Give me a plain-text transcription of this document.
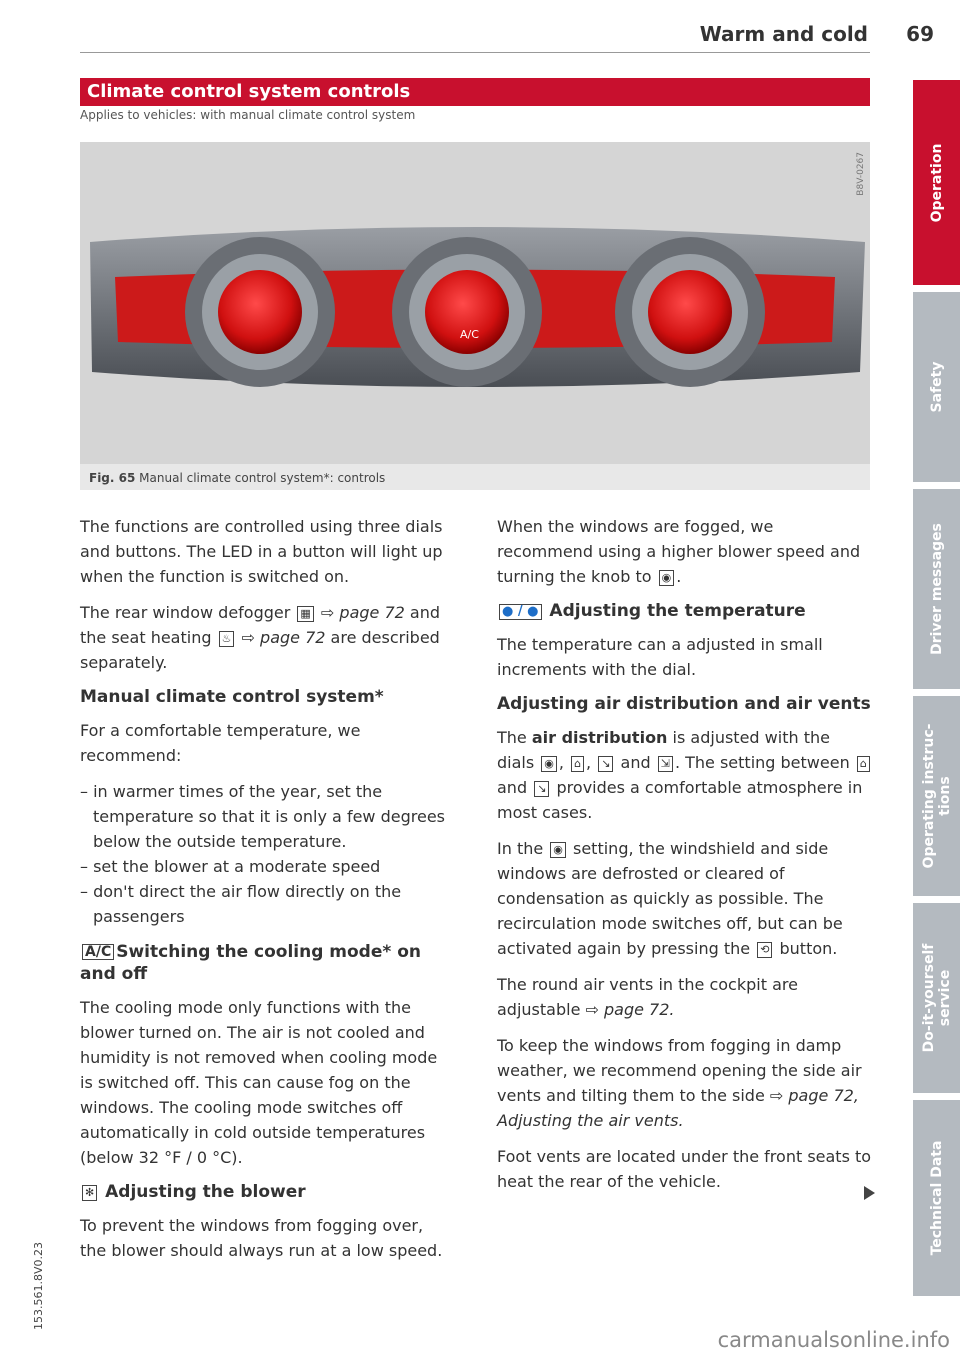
Warm and cold 69
Climate control system controls
Applies to vehicles: with manual climate control system
A/C
B8V-0267
Fig. 65 Manual climate control system*: controls

The functions are controlled using three dials and buttons. The LED in a button will light up when the function is switched on.

The rear window defogger ▦ ⇨ page 72 and the seat heating ♨ ⇨ page 72 are described separately.

Manual climate control system*

For a comfortable temperature, we recommend:

– in warmer times of the year, set the temperature so that it is only a few degrees below the outside temperature.
– set the blower at a moderate speed
– don't direct the air flow directly on the passengers
A/C Switching the cooling mode* on and off

The cooling mode only functions with the blower turned on. The air is not cooled and humidity is not removed when cooling mode is switched off. This can cause fog on the windows. The cooling mode switches off automatically in cold outside temperatures (below 32 °F / 0 °C).

✻ Adjusting the blower

To prevent the windows from fogging over, the blower should always run at a low speed.

When the windows are fogged, we recommend using a higher blower speed and turning the knob to ◉ .

● / ● Adjusting the temperature

The temperature can a adjusted in small increments with the dial.

Adjusting air distribution and air vents

The air distribution is adjusted with the dials ◉ , ⌂ , ↘ and ⇲ . The setting between ⌂ and ↘ provides a comfortable atmosphere in most cases.

In the ◉ setting, the windshield and side windows are defrosted or cleared of condensation as quickly as possible. The recirculation mode switches off, but can be activated again by pressing the ⟲ button.

The round air vents in the cockpit are adjustable ⇨ page 72.

To keep the windows from fogging in damp weather, we recommend opening the side air vents and tilting them to the side ⇨ page 72, Adjusting the air vents.

Foot vents are located under the front seats to heat the rear of the vehicle.

Operation
Safety
Driver messages
Operating instruc-
tions
Do-it-yourself
service
Technical Data
153.561.8V0.23
carmanualsonline.info
